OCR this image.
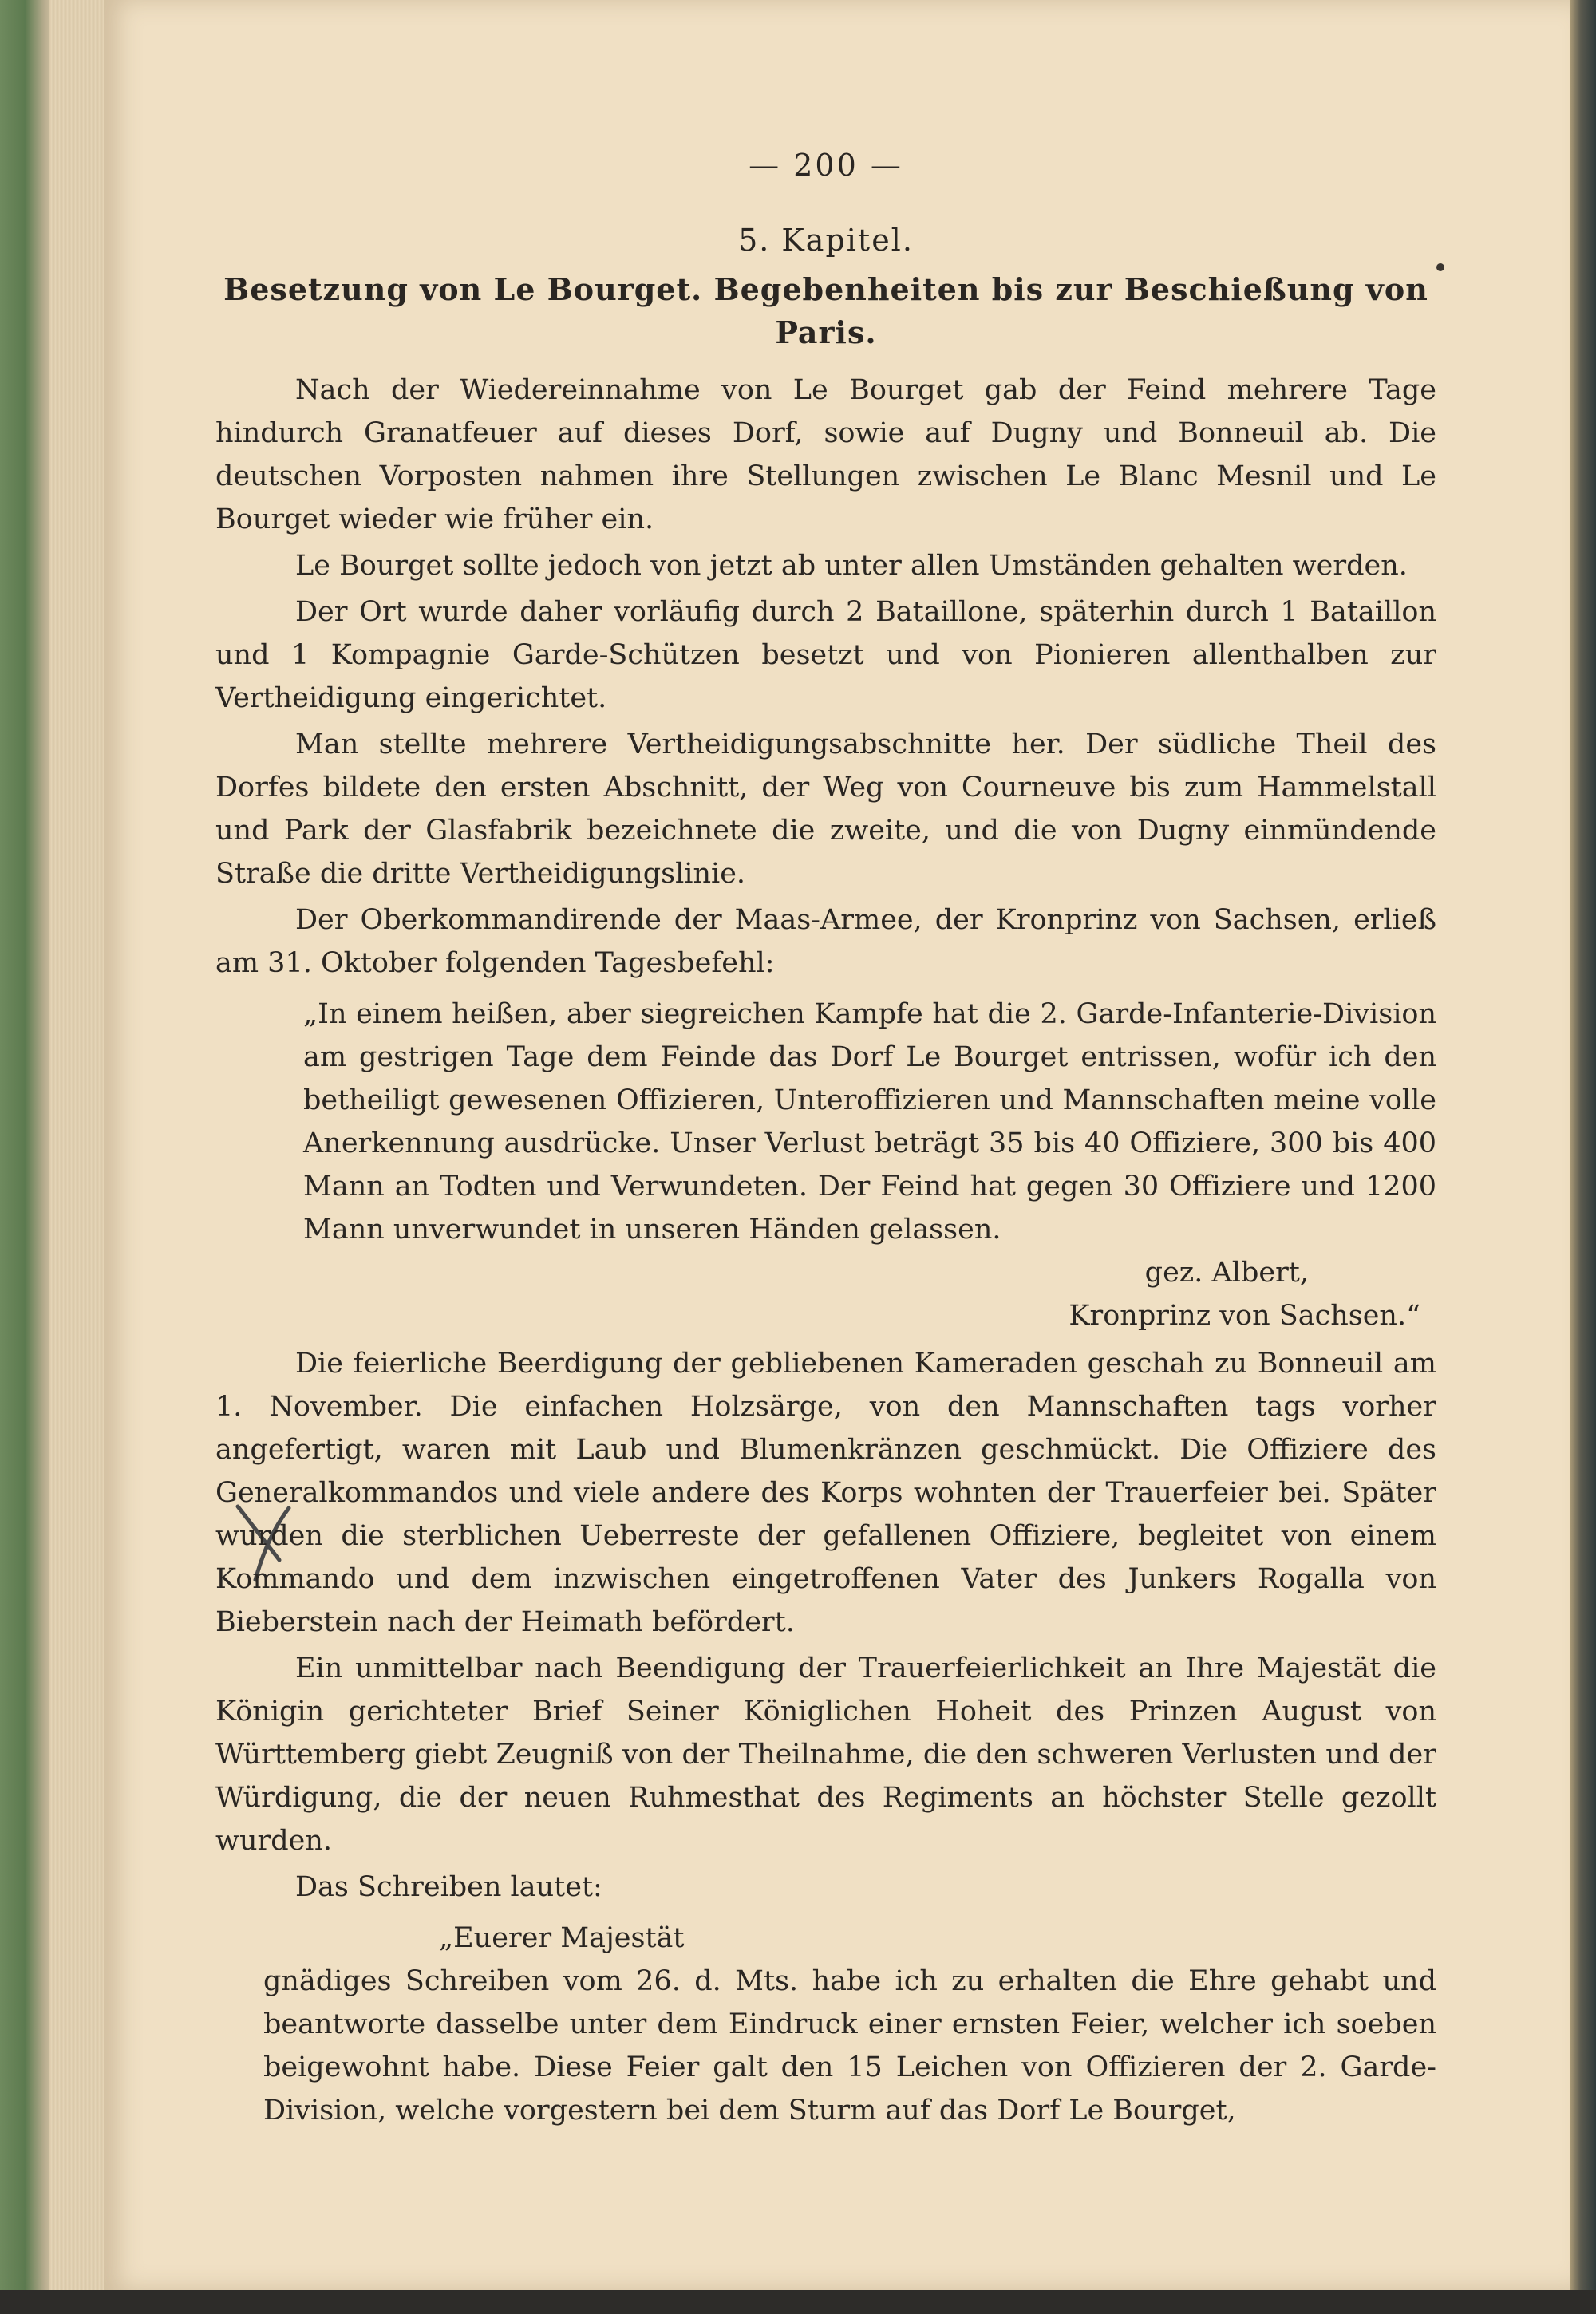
— 200 —
5. Kapitel.
Besetzung von Le Bourget. Begebenheiten bis zur Beschießung von Paris.

Nach der Wiedereinnahme von Le Bourget gab der Feind mehrere Tage hindurch Granatfeuer auf dieses Dorf, sowie auf Dugny und Bonneuil ab. Die deutschen Vorposten nahmen ihre Stellungen zwischen Le Blanc Mesnil und Le Bourget wieder wie früher ein.

Le Bourget sollte jedoch von jetzt ab unter allen Umständen gehalten werden.

Der Ort wurde daher vorläufig durch 2 Bataillone, späterhin durch 1 Bataillon und 1 Kompagnie Garde-Schützen besetzt und von Pionieren allenthalben zur Vertheidigung eingerichtet.

Man stellte mehrere Vertheidigungsabschnitte her. Der südliche Theil des Dorfes bildete den ersten Abschnitt, der Weg von Courneuve bis zum Hammelstall und Park der Glasfabrik bezeichnete die zweite, und die von Dugny einmündende Straße die dritte Vertheidigungslinie.

Der Oberkommandirende der Maas-Armee, der Kronprinz von Sachsen, erließ am 31. Oktober folgenden Tagesbefehl:

„In einem heißen, aber siegreichen Kampfe hat die 2. Garde-Infanterie-Division am gestrigen Tage dem Feinde das Dorf Le Bourget entrissen, wofür ich den betheiligt gewesenen Offizieren, Unteroffizieren und Mannschaften meine volle Anerkennung ausdrücke. Unser Verlust beträgt 35 bis 40 Offiziere, 300 bis 400 Mann an Todten und Verwundeten. Der Feind hat gegen 30 Offiziere und 1200 Mann unverwundet in unseren Händen gelassen.

gez. Albert,
Kronprinz von Sachsen.“

Die feierliche Beerdigung der gebliebenen Kameraden geschah zu Bonneuil am 1. November. Die einfachen Holzsärge, von den Mannschaften tags vorher angefertigt, waren mit Laub und Blumenkränzen geschmückt. Die Offiziere des Generalkommandos und viele andere des Korps wohnten der Trauerfeier bei. Später wurden die sterblichen Ueberreste der gefallenen Offiziere, begleitet von einem Kommando und dem inzwischen eingetroffenen Vater des Junkers Rogalla von Bieberstein nach der Heimath befördert.

Ein unmittelbar nach Beendigung der Trauerfeierlichkeit an Ihre Majestät die Königin gerichteter Brief Seiner Königlichen Hoheit des Prinzen August von Württemberg giebt Zeugniß von der Theilnahme, die den schweren Verlusten und der Würdigung, die der neuen Ruhmesthat des Regiments an höchster Stelle gezollt wurden.

Das Schreiben lautet:

„Euerer Majestät

gnädiges Schreiben vom 26. d. Mts. habe ich zu erhalten die Ehre gehabt und beantworte dasselbe unter dem Eindruck einer ernsten Feier, welcher ich soeben beigewohnt habe. Diese Feier galt den 15 Leichen von Offizieren der 2. Garde-Division, welche vorgestern bei dem Sturm auf das Dorf Le Bourget,
